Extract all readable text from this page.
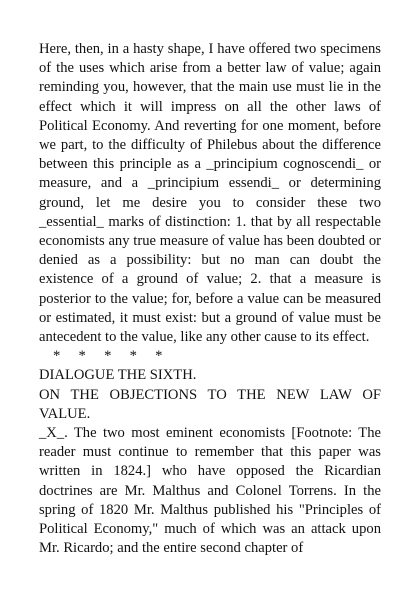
Here, then, in a hasty shape, I have offered two specimens of the uses which arise from a better law of value; again reminding you, however, that the main use must lie in the effect which it will impress on all the other laws of Political Economy. And reverting for one moment, before we part, to the difficulty of Philebus about the difference between this principle as a _principium cognoscendi_ or measure, and a _principium essendi_ or determining ground, let me desire you to consider these two _essential_ marks of distinction: 1. that by all respectable economists any true measure of value has been doubted or denied as a possibility: but no man can doubt the existence of a ground of value; 2. that a measure is posterior to the value; for, before a value can be measured or estimated, it must exist: but a ground of value must be antecedent to the value, like any other cause to its effect.

*     *     *     *     *

DIALOGUE THE SIXTH.

ON THE OBJECTIONS TO THE NEW LAW OF VALUE.

_X_. The two most eminent economists [Footnote: The reader must continue to remember that this paper was written in 1824.] who have opposed the Ricardian doctrines are Mr. Malthus and Colonel Torrens. In the spring of 1820 Mr. Malthus published his "Principles of Political Economy," much of which was an attack upon Mr. Ricardo; and the entire second chapter of
